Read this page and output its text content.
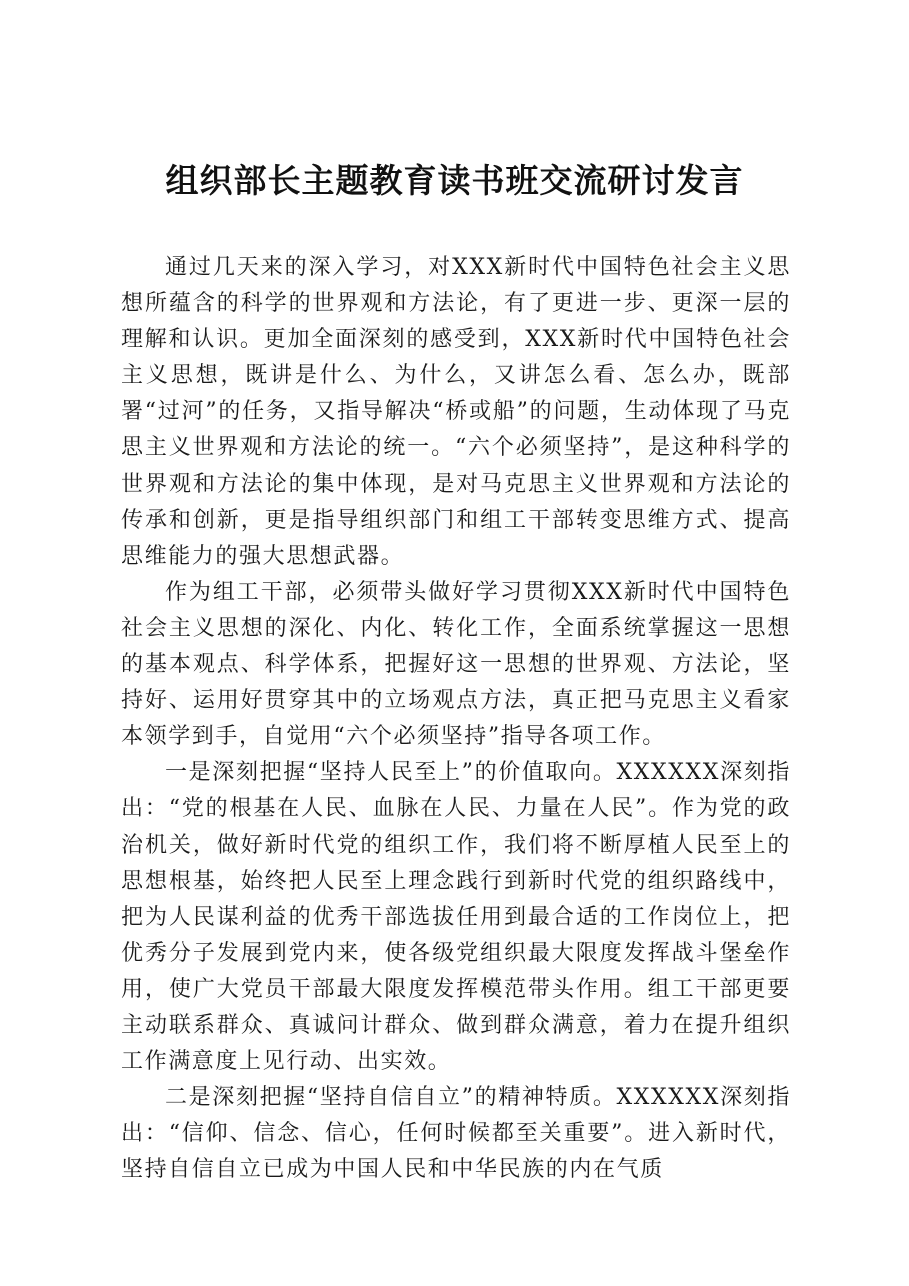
组织部长主题教育读书班交流研讨发言

通过几天来的深入学习，对XXX新时代中国特色社会主义思想所蕴含的科学的世界观和方法论，有了更进一步、更深一层的理解和认识。更加全面深刻的感受到，XXX新时代中国特色社会主义思想，既讲是什么、为什么，又讲怎么看、怎么办，既部署“过河”的任务，又指导解决“桥或船”的问题，生动体现了马克思主义世界观和方法论的统一。“六个必须坚持”，是这种科学的世界观和方法论的集中体现，是对马克思主义世界观和方法论的传承和创新，更是指导组织部门和组工干部转变思维方式、提高思维能力的强大思想武器。

作为组工干部，必须带头做好学习贯彻XXX新时代中国特色社会主义思想的深化、内化、转化工作，全面系统掌握这一思想的基本观点、科学体系，把握好这一思想的世界观、方法论，坚持好、运用好贯穿其中的立场观点方法，真正把马克思主义看家本领学到手，自觉用“六个必须坚持”指导各项工作。

一是深刻把握“坚持人民至上”的价值取向。XXXXXX深刻指出：“党的根基在人民、血脉在人民、力量在人民”。作为党的政治机关，做好新时代党的组织工作，我们将不断厚植人民至上的思想根基，始终把人民至上理念践行到新时代党的组织路线中，把为人民谋利益的优秀干部选拔任用到最合适的工作岗位上，把优秀分子发展到党内来，使各级党组织最大限度发挥战斗堡垒作用，使广大党员干部最大限度发挥模范带头作用。组工干部更要主动联系群众、真诚问计群众、做到群众满意，着力在提升组织工作满意度上见行动、出实效。

二是深刻把握“坚持自信自立”的精神特质。XXXXXX深刻指出：“信仰、信念、信心，任何时候都至关重要”。进入新时代，坚持自信自立已成为中国人民和中华民族的内在气质
